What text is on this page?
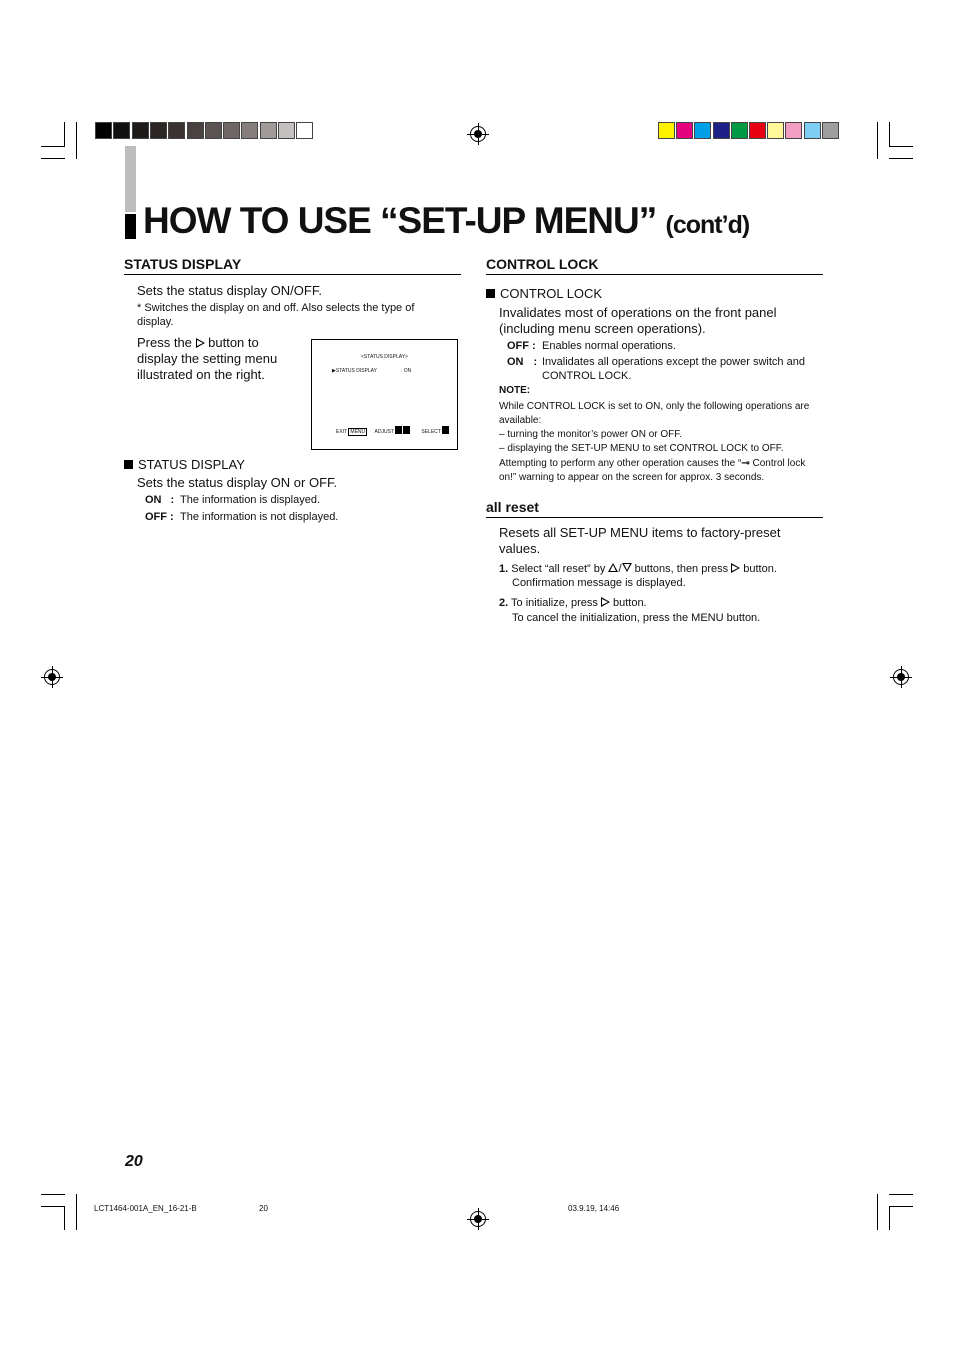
HOW TO USE “SET-UP MENU” (cont’d)
STATUS DISPLAY
Sets the status display ON/OFF.
* Switches the display on and off. Also selects the type of display.
Press the  button to display the setting menu illustrated on the right.
<STATUS DISPLAY>
▶STATUS DISPLAY	: ON
EXIT MENU ADJUST	SELECT
STATUS DISPLAY
Sets the status display ON or OFF.
ON : The information is displayed.
OFF : The information is not displayed.
CONTROL LOCK
CONTROL LOCK
Invalidates most of operations on the front panel (including menu screen operations).
OFF : Enables normal operations.
ON : Invalidates all operations except the power switch and CONTROL LOCK.
NOTE:
While CONTROL LOCK is set to ON, only the following operations are available:
– turning the monitor’s power ON or OFF.
– displaying the SET-UP MENU to set CONTROL LOCK to OFF.
Attempting to perform any other operation causes the “⊸ Control lock on!” warning to appear on the screen for approx. 3 seconds.
all reset
Resets all SET-UP MENU items to factory-preset values.
1. Select “all reset” by / buttons, then press  button.
Confirmation message is displayed.
2. To initialize, press  button.
To cancel the initialization, press the MENU button.
20
LCT1464-001A_EN_16-21-B	20	03.9.19, 14:46
